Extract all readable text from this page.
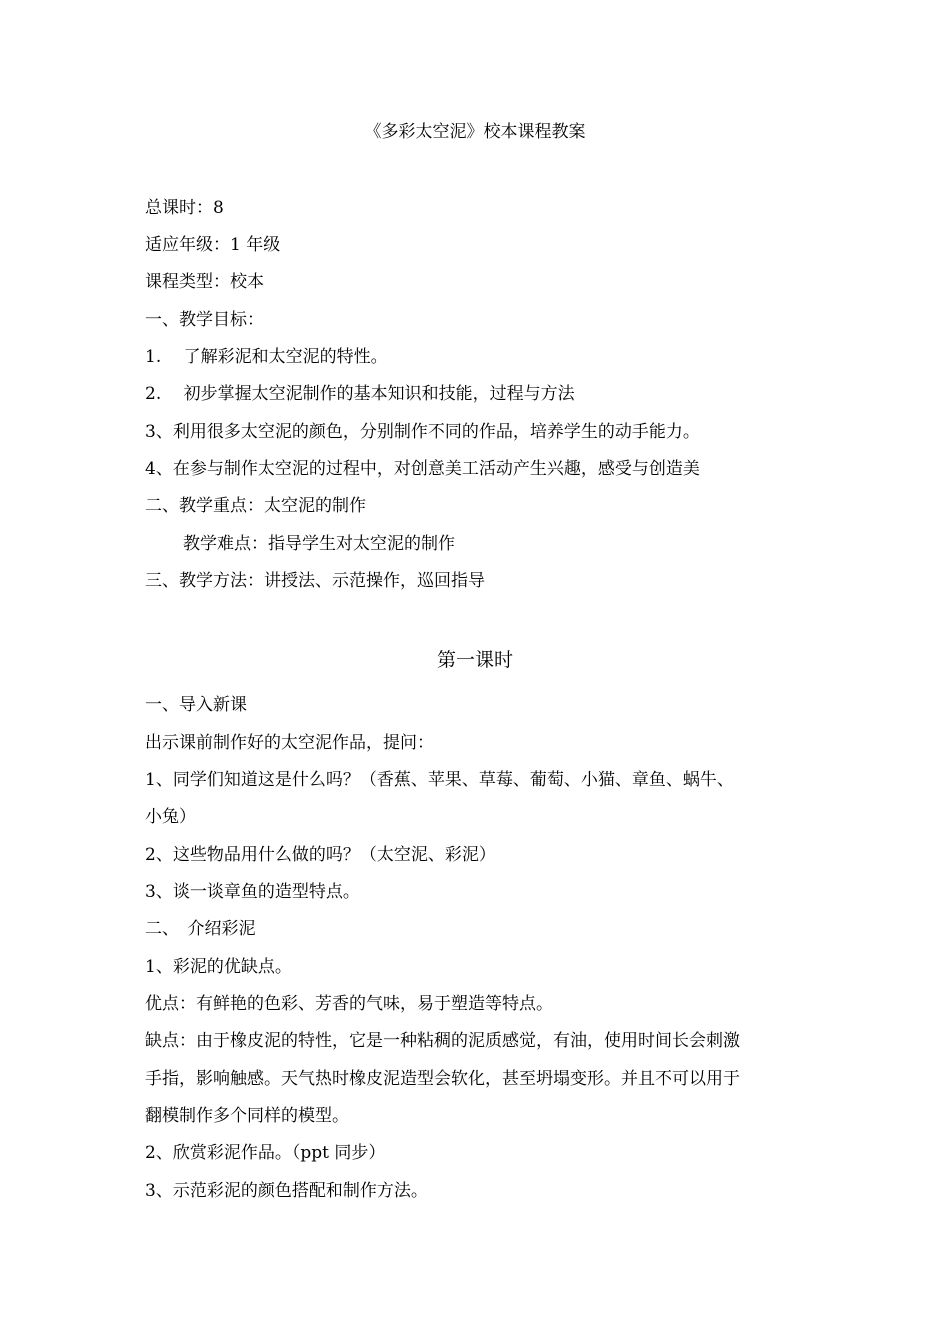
《多彩太空泥》校本课程教案
总课时：8
适应年级：1 年级
课程类型：校本
一、教学目标：
1.　 了解彩泥和太空泥的特性。
2.　 初步掌握太空泥制作的基本知识和技能，过程与方法
3、利用很多太空泥的颜色，分别制作不同的作品，培养学生的动手能力。
4、在参与制作太空泥的过程中，对创意美工活动产生兴趣，感受与创造美
二、教学重点：太空泥的制作
教学难点：指导学生对太空泥的制作
三、教学方法：讲授法、示范操作，巡回指导
第一课时
一、导入新课
出示课前制作好的太空泥作品，提问：
1、同学们知道这是什么吗？（香蕉、苹果、草莓、葡萄、小猫、章鱼、蜗牛、
小兔）
2、这些物品用什么做的吗？（太空泥、彩泥）
3、谈一谈章鱼的造型特点。
二、　介绍彩泥
1、彩泥的优缺点。
优点：有鲜艳的色彩、芳香的气味，易于塑造等特点。
缺点：由于橡皮泥的特性，它是一种粘稠的泥质感觉，有油，使用时间长会刺激
手指，影响触感。天气热时橡皮泥造型会软化，甚至坍塌变形。并且不可以用于
翻模制作多个同样的模型。
2、欣赏彩泥作品。（ppt 同步）
3、示范彩泥的颜色搭配和制作方法。
